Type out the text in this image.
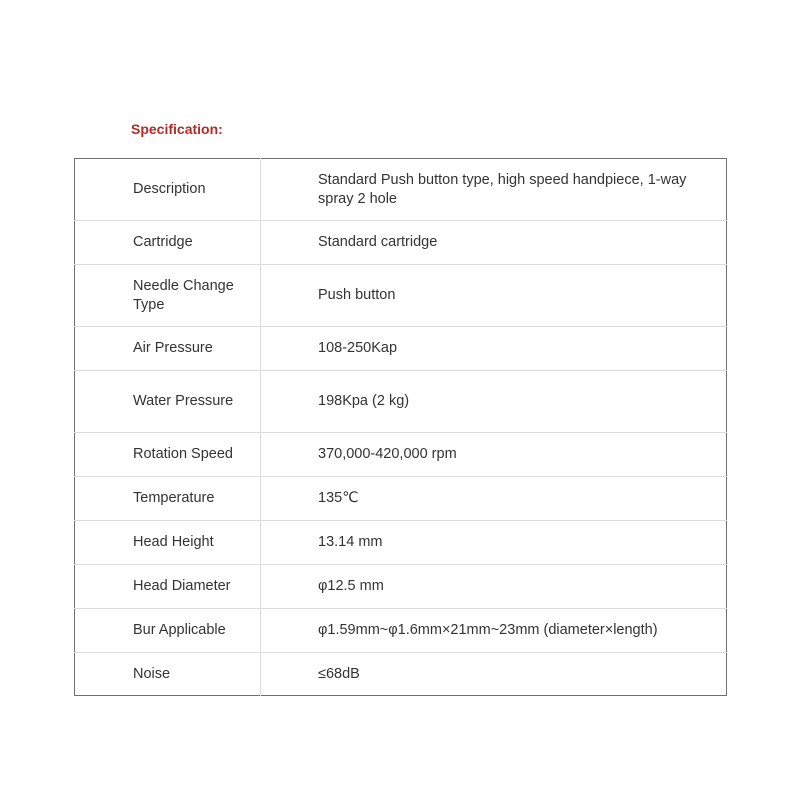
Specification:
Description	Standard Push button type, high speed handpiece, 1-way spray 2 hole
Cartridge	Standard cartridge
Needle Change Type	Push button
Air Pressure	108-250Kap
Water Pressure	198Kpa (2 kg)
Rotation Speed	370,000-420,000 rpm
Temperature	135℃
Head Height	13.14 mm
Head Diameter	φ12.5 mm
Bur Applicable	φ1.59mm~φ1.6mm×21mm~23mm (diameter×length)
Noise	≤68dB
